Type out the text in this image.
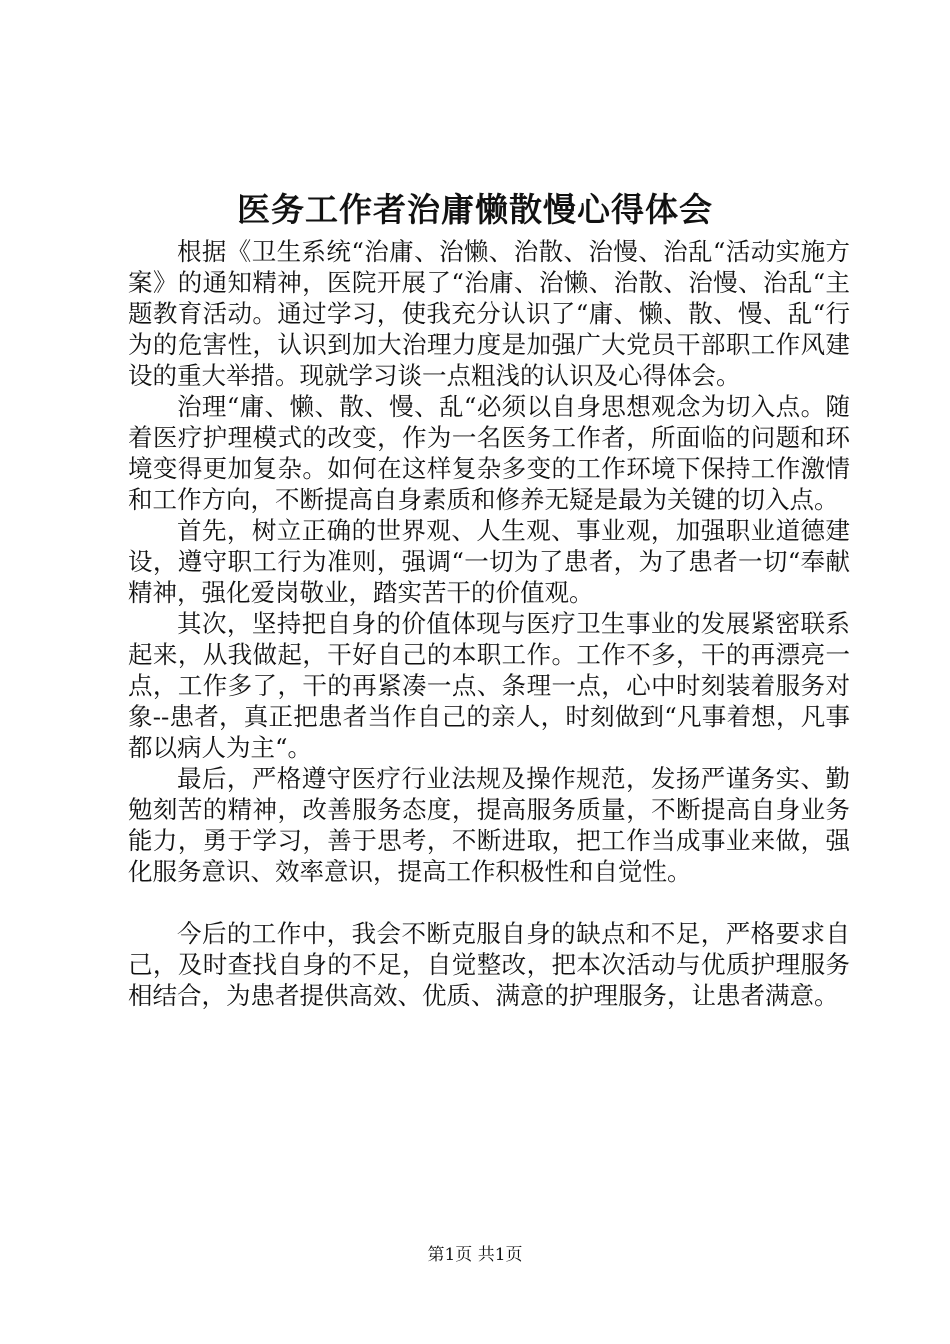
医务工作者治庸懒散慢心得体会

根据《卫生系统“治庸、治懒、治散、治慢、治乱“活动实施方案》的通知精神，医院开展了“治庸、治懒、治散、治慢、治乱“主题教育活动。通过学习，使我充分认识了“庸、懒、散、慢、乱“行为的危害性，认识到加大治理力度是加强广大党员干部职工作风建设的重大举措。现就学习谈一点粗浅的认识及心得体会。

治理“庸、懒、散、慢、乱“必须以自身思想观念为切入点。随着医疗护理模式的改变，作为一名医务工作者，所面临的问题和环境变得更加复杂。如何在这样复杂多变的工作环境下保持工作激情和工作方向，不断提高自身素质和修养无疑是最为关键的切入点。

首先，树立正确的世界观、人生观、事业观，加强职业道德建设，遵守职工行为准则，强调“一切为了患者，为了患者一切“奉献精神，强化爱岗敬业，踏实苦干的价值观。

其次，坚持把自身的价值体现与医疗卫生事业的发展紧密联系起来，从我做起，干好自己的本职工作。工作不多，干的再漂亮一点，工作多了，干的再紧凑一点、条理一点，心中时刻装着服务对象--患者，真正把患者当作自己的亲人，时刻做到“凡事着想，凡事都以病人为主“。

最后，严格遵守医疗行业法规及操作规范，发扬严谨务实、勤勉刻苦的精神，改善服务态度，提高服务质量，不断提高自身业务能力，勇于学习，善于思考，不断进取，把工作当成事业来做，强化服务意识、效率意识，提高工作积极性和自觉性。

今后的工作中，我会不断克服自身的缺点和不足，严格要求自己，及时查找自身的不足，自觉整改，把本次活动与优质护理服务相结合，为患者提供高效、优质、满意的护理服务，让患者满意。

第1页 共1页
